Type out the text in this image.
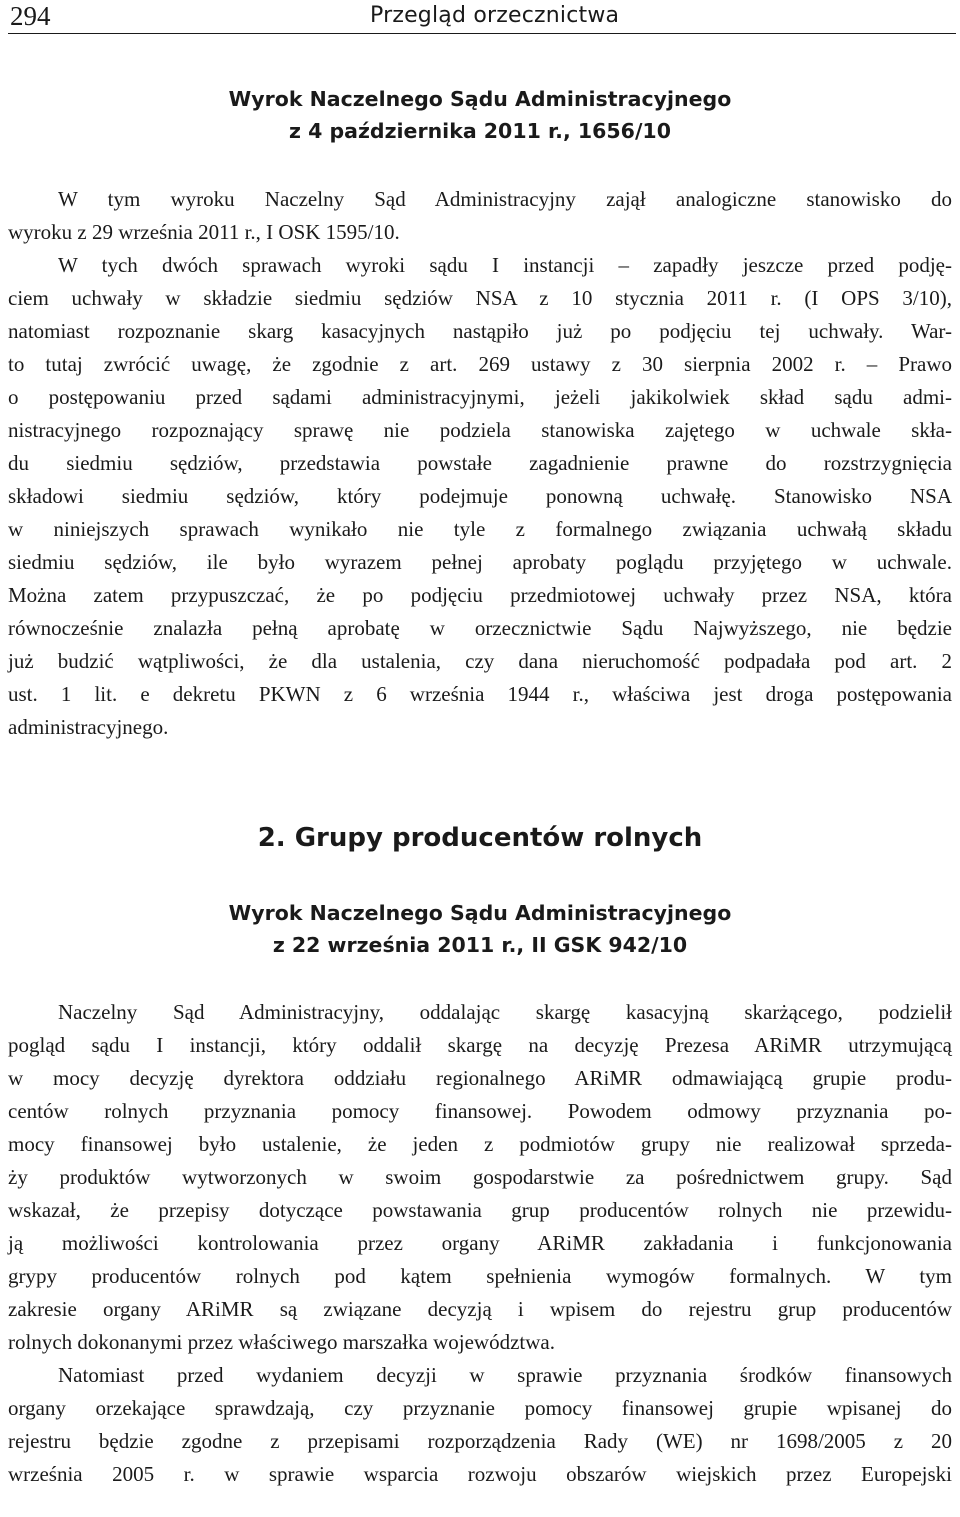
294	Przegląd orzecznictwa
Wyrok Naczelnego Sądu Administracyjnego
z 4 października 2011 r., 1656/10
W tym wyroku Naczelny Sąd Administracyjny zajął analogiczne stanowisko do
wyroku z 29 września 2011 r., I OSK 1595/10.
W tych dwóch sprawach wyroki sądu I instancji – zapadły jeszcze przed podję-
ciem uchwały w składzie siedmiu sędziów NSA z 10 stycznia 2011 r. (I OPS 3/10),
natomiast rozpoznanie skarg kasacyjnych nastąpiło już po podjęciu tej uchwały. War-
to tutaj zwrócić uwagę, że zgodnie z art. 269 ustawy z 30 sierpnia 2002 r. – Prawo
o postępowaniu przed sądami administracyjnymi, jeżeli jakikolwiek skład sądu admi-
nistracyjnego rozpoznający sprawę nie podziela stanowiska zajętego w uchwale skła-
du siedmiu sędziów, przedstawia powstałe zagadnienie prawne do rozstrzygnięcia
składowi siedmiu sędziów, który podejmuje ponowną uchwałę. Stanowisko NSA
w niniejszych sprawach wynikało nie tyle z formalnego związania uchwałą składu
siedmiu sędziów, ile było wyrazem pełnej aprobaty poglądu przyjętego w uchwale.
Można zatem przypuszczać, że po podjęciu przedmiotowej uchwały przez NSA, która
równocześnie znalazła pełną aprobatę w orzecznictwie Sądu Najwyższego, nie będzie
już budzić wątpliwości, że dla ustalenia, czy dana nieruchomość podpadała pod art. 2
ust. 1 lit. e dekretu PKWN z 6 września 1944 r., właściwa jest droga postępowania
administracyjnego.
2. Grupy producentów rolnych
Wyrok Naczelnego Sądu Administracyjnego
z 22 września 2011 r., II GSK 942/10
Naczelny Sąd Administracyjny, oddalając skargę kasacyjną skarżącego, podzielił
pogląd sądu I instancji, który oddalił skargę na decyzję Prezesa ARiMR utrzymującą
w mocy decyzję dyrektora oddziału regionalnego ARiMR odmawiającą grupie produ-
centów rolnych przyznania pomocy finansowej. Powodem odmowy przyznania po-
mocy finansowej było ustalenie, że jeden z podmiotów grupy nie realizował sprzeda-
ży produktów wytworzonych w swoim gospodarstwie za pośrednictwem grupy. Sąd
wskazał, że przepisy dotyczące powstawania grup producentów rolnych nie przewidu-
ją możliwości kontrolowania przez organy ARiMR zakładania i funkcjonowania
grypy producentów rolnych pod kątem spełnienia wymogów formalnych. W tym
zakresie organy ARiMR są związane decyzją i wpisem do rejestru grup producentów
rolnych dokonanymi przez właściwego marszałka województwa.
Natomiast przed wydaniem decyzji w sprawie przyznania środków finansowych
organy orzekające sprawdzają, czy przyznanie pomocy finansowej grupie wpisanej do
rejestru będzie zgodne z przepisami rozporządzenia Rady (WE) nr 1698/2005 z 20
września 2005 r. w sprawie wsparcia rozwoju obszarów wiejskich przez Europejski
